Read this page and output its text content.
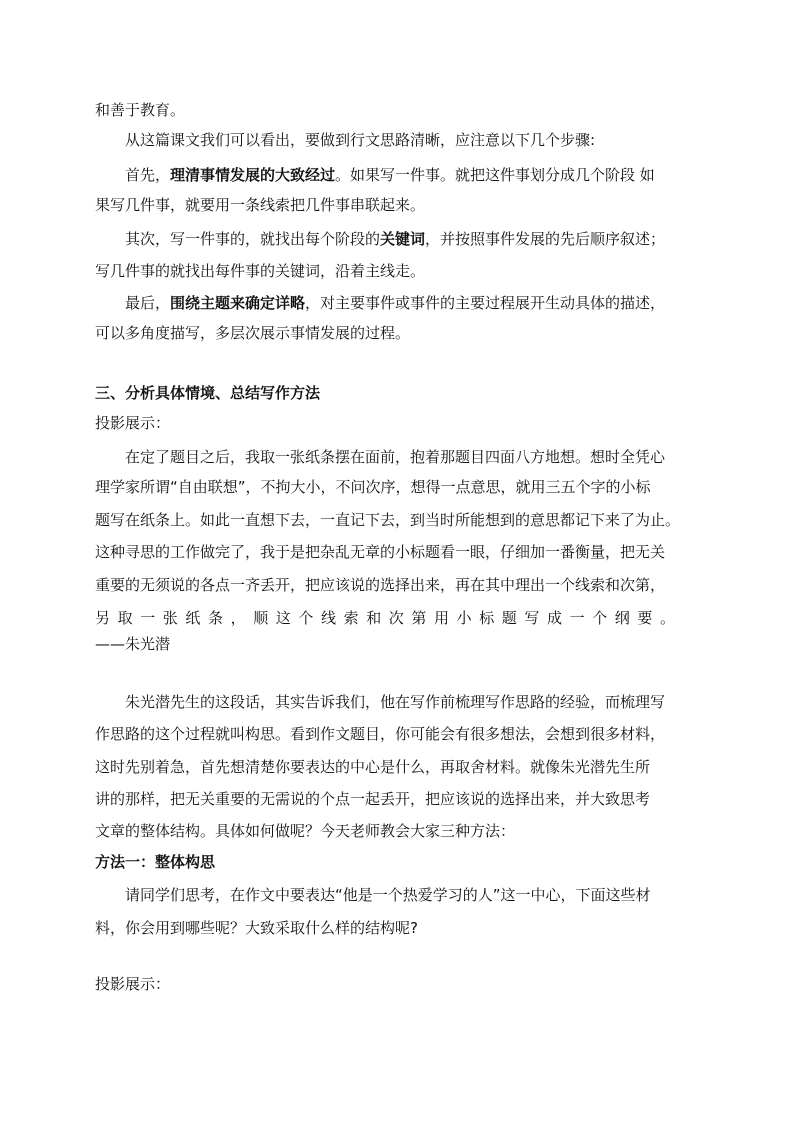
和善于教育。
从这篇课文我们可以看出，要做到行文思路清晰，应注意以下几个步骤:
首先，理清事情发展的大致经过。如果写一件事。就把这件事划分成几个阶段 如
果写几件事，就要用一条线索把几件事串联起来。
其次，写一件事的，就找出每个阶段的关键词，并按照事件发展的先后顺序叙述；
写几件事的就找出每件事的关键词，沿着主线走。
最后，围绕主题来确定详略，对主要事件或事件的主要过程展开生动具体的描述，
可以多角度描写，多层次展示事情发展的过程。
三、分析具体情境、总结写作方法
投影展示：
在定了题目之后，我取一张纸条摆在面前，抱着那题目四面八方地想。想时全凭心
理学家所谓“自由联想”，不拘大小，不问次序，想得一点意思，就用三五个字的小标
题写在纸条上。如此一直想下去，一直记下去，到当时所能想到的意思都记下来了为止。
这种寻思的工作做完了，我于是把杂乱无章的小标题看一眼，仔细加一番衡量，把无关
重要的无须说的各点一齐丢开，把应该说的选择出来，再在其中理出一个线索和次第，
另取一张纸条，顺这个线索和次第用小标题写成一个纲要。
——朱光潜
朱光潜先生的这段话，其实告诉我们，他在写作前梳理写作思路的经验，而梳理写
作思路的这个过程就叫构思。看到作文题目，你可能会有很多想法，会想到很多材料，
这时先别着急，首先想清楚你要表达的中心是什么，再取舍材料。就像朱光潜先生所
讲的那样，把无关重要的无需说的个点一起丢开，把应该说的选择出来，并大致思考
文章的整体结构。具体如何做呢？今天老师教会大家三种方法：
方法一：整体构思
请同学们思考，在作文中要表达“他是一个热爱学习的人”这一中心，下面这些材
料，你会用到哪些呢？大致采取什么样的结构呢?
投影展示：
